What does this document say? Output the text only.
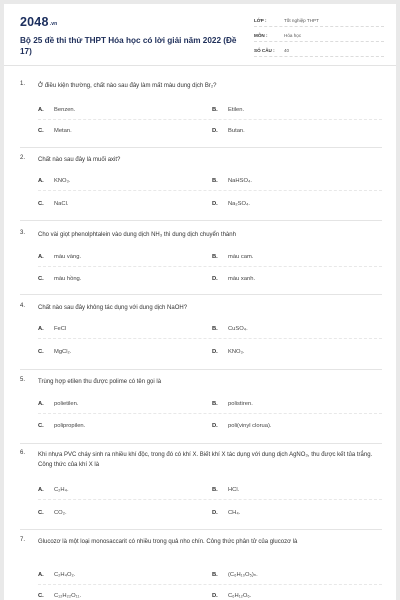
2048.vn
Bộ 25 đề thi thử THPT Hóa học có lời giải năm 2022 (Đề 17)
LỚP :	Tốt nghiệp THPT
MÔN :	Hóa học
SỐ CÂU : 40
1. Ở điều kiện thường, chất nào sau đây làm mất màu dung dịch Br₂?
A. Benzen.	B. Etilen.
C. Metan.	D. Butan.
2. Chất nào sau đây là muối axit?
A. KNO₃.	B. NaHSO₄.
C. NaCl.	D. Na₂SO₄.
3. Cho vài giọt phenolphtalein vào dung dịch NH₃ thì dung dịch chuyển thành
A. màu vàng.	B. màu cam.
C. màu hồng.	D. màu xanh.
4. Chất nào sau đây không tác dụng với dung dịch NaOH?
A. FeCl	B. CuSO₄.
C. MgCl₂.	D. KNO₃.
5. Trùng hợp etilen thu được polime có tên gọi là
A. polietilen.	B. polistiren.
C. polipropilen.	D. poli(vinyl clorua).
6. Khi nhựa PVC cháy sinh ra nhiều khí độc, trong đó có khí X. Biết khí X tác dụng với dung dịch AgNO₃, thu được kết tủa trắng. Công thức của khí X là
A. C₂H₄.	B. HCl.
C. CO₂.	D. CH₄.
7. Glucozơ là một loại monosaccarit có nhiều trong quả nho chín. Công thức phân tử của glucozơ là
A. C₂H₄O₂.	B. (C₆H₁₀O₅)ₙ.
C. C₁₂H₂₂O₁₁.	D. C₆H₁₂O₆.
